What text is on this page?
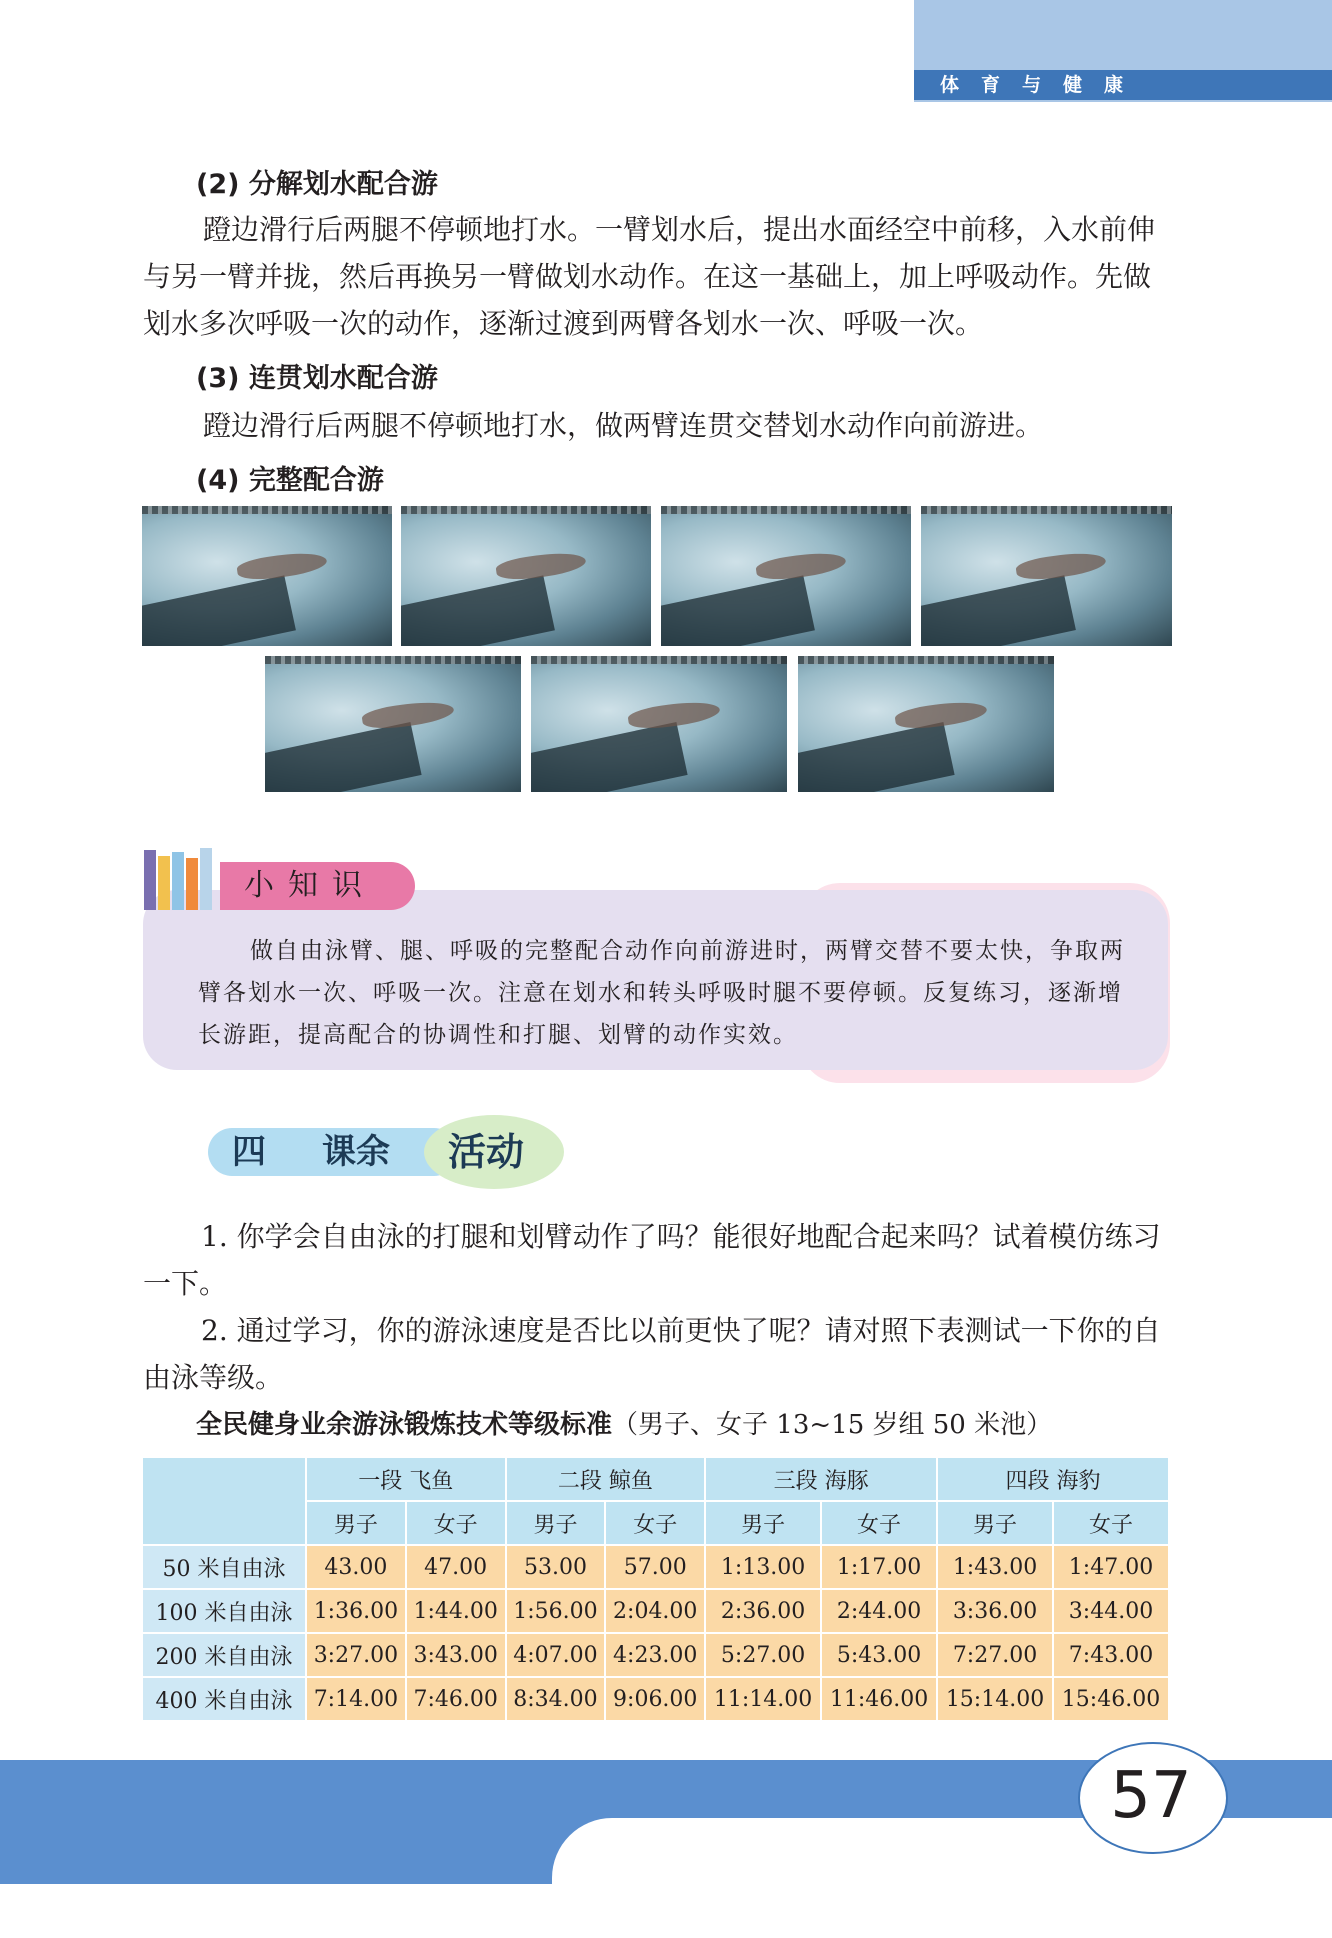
体育与健康
(2) 分解划水配合游

蹬边滑行后两腿不停顿地打水。一臂划水后，提出水面经空中前移，入水前伸与另一臂并拢，然后再换另一臂做划水动作。在这一基础上，加上呼吸动作。先做划水多次呼吸一次的动作，逐渐过渡到两臂各划水一次、呼吸一次。

(3) 连贯划水配合游

蹬边滑行后两腿不停顿地打水，做两臂连贯交替划水动作向前游进。

(4) 完整配合游
小知识

做自由泳臂、腿、呼吸的完整配合动作向前游进时，两臂交替不要太快，争取两臂各划水一次、呼吸一次。注意在划水和转头呼吸时腿不要停顿。反复练习，逐渐增长游距，提高配合的协调性和打腿、划臂的动作实效。

四 课余 活动

1. 你学会自由泳的打腿和划臂动作了吗？能很好地配合起来吗？试着模仿练习一下。

2. 通过学习，你的游泳速度是否比以前更快了呢？请对照下表测试一下你的自由泳等级。

全民健身业余游泳锻炼技术等级标准（男子、女子 13~15 岁组 50 米池）
	一段 飞鱼		二段 鲸鱼		三段 海豚		四段 海豹	
	男子	女子	男子	女子	男子	女子	男子	女子
50 米自由泳	43.00	47.00	53.00	57.00	1:13.00	1:17.00	1:43.00	1:47.00
100 米自由泳	1:36.00	1:44.00	1:56.00	2:04.00	2:36.00	2:44.00	3:36.00	3:44.00
200 米自由泳	3:27.00	3:43.00	4:07.00	4:23.00	5:27.00	5:43.00	7:27.00	7:43.00
400 米自由泳	7:14.00	7:46.00	8:34.00	9:06.00	11:14.00	11:46.00	15:14.00	15:46.00
57
